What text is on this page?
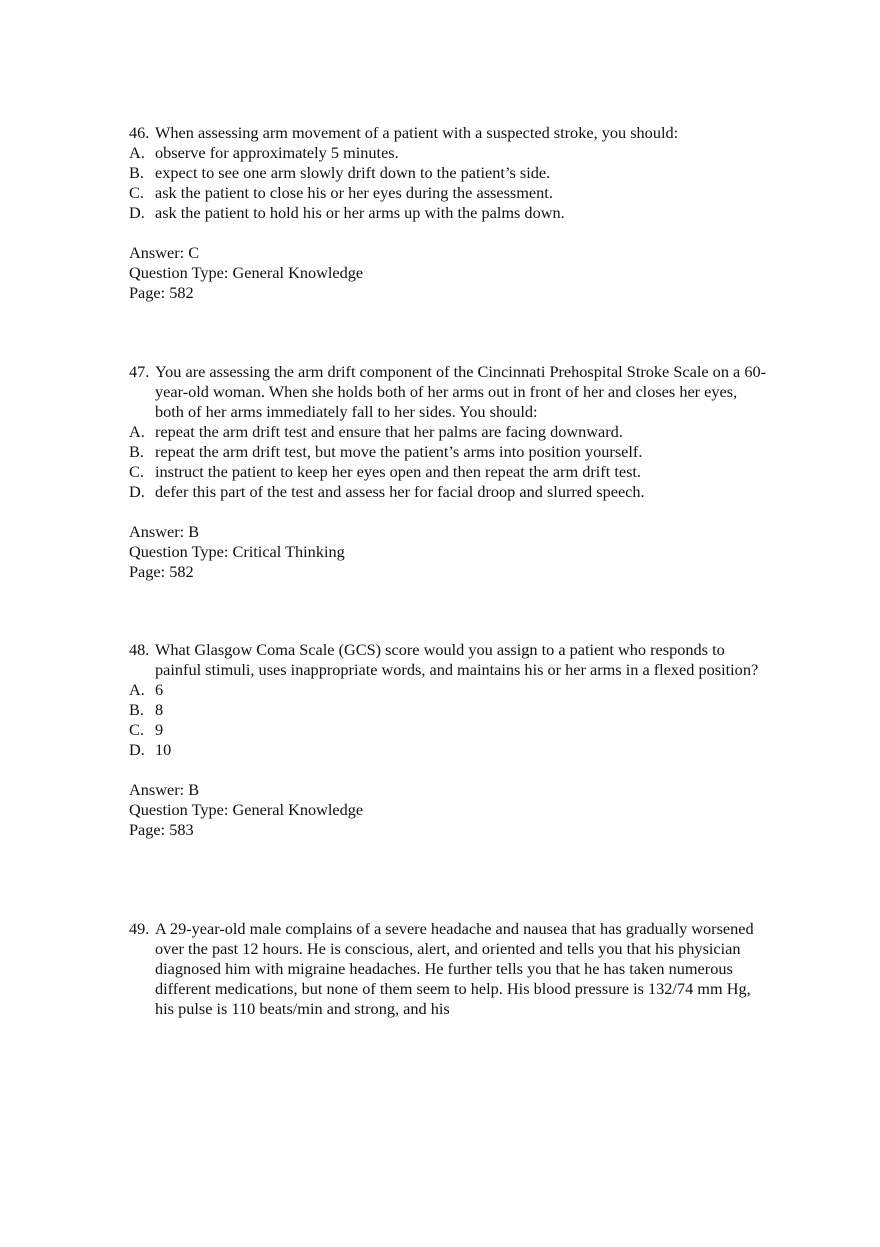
46. When assessing arm movement of a patient with a suspected stroke, you should:

A. observe for approximately 5 minutes.
B. expect to see one arm slowly drift down to the patient’s side.
C. ask the patient to close his or her eyes during the assessment.
D. ask the patient to hold his or her arms up with the palms down.
Answer: C
Question Type: General Knowledge
Page: 582

47. You are assessing the arm drift component of the Cincinnati Prehospital Stroke Scale on a 60-year-old woman. When she holds both of her arms out in front of her and closes her eyes, both of her arms immediately fall to her sides. You should:

A. repeat the arm drift test and ensure that her palms are facing downward.
B. repeat the arm drift test, but move the patient’s arms into position yourself.
C. instruct the patient to keep her eyes open and then repeat the arm drift test.
D. defer this part of the test and assess her for facial droop and slurred speech.
Answer: B
Question Type: Critical Thinking
Page: 582

48. What Glasgow Coma Scale (GCS) score would you assign to a patient who responds to painful stimuli, uses inappropriate words, and maintains his or her arms in a flexed position?

A. 6
B. 8
C. 9
D. 10
Answer: B
Question Type: General Knowledge
Page: 583

49. A 29-year-old male complains of a severe headache and nausea that has gradually worsened over the past 12 hours. He is conscious, alert, and oriented and tells you that his physician diagnosed him with migraine headaches. He further tells you that he has taken numerous different medications, but none of them seem to help. His blood pressure is 132/74 mm Hg, his pulse is 110 beats/min and strong, and his
